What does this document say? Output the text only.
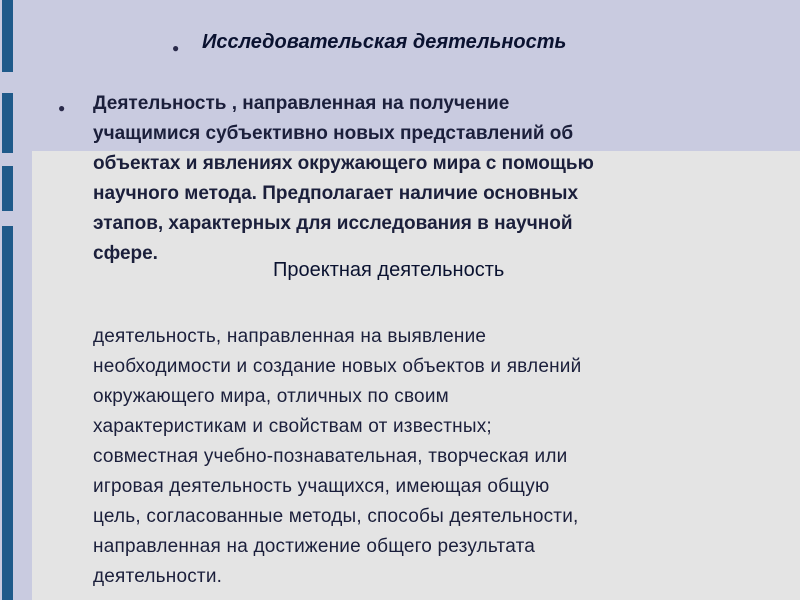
● Исследовательская деятельность
● Деятельность , направленная на получение
учащимися субъективно новых представлений об
объектах и явлениях окружающего мира с помощью
научного метода. Предполагает наличие основных
этапов, характерных для исследования в научной
сфере.
Проектная деятельность
деятельность, направленная на выявление
необходимости и создание новых объектов и явлений
окружающего мира, отличных по своим
характеристикам и свойствам от известных;
совместная учебно-познавательная, творческая или
игровая деятельность учащихся, имеющая общую
цель, согласованные методы, способы деятельности,
направленная на достижение общего результата
деятельности.
